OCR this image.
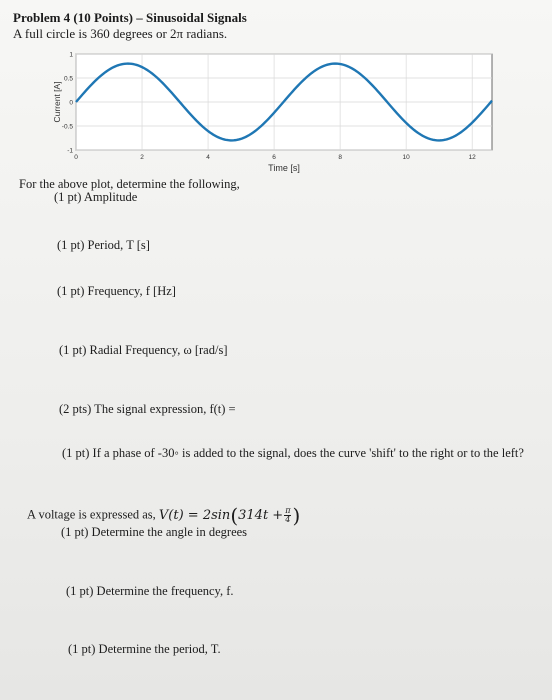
Problem 4 (10 Points) – Sinusoidal Signals
A full circle is 360 degrees or 2π radians.
0	2	4	6	8	10	12
1
0.5
0
-0.5
-1
Current [A]
Time [s]
For the above plot, determine the following,
(1 pt) Amplitude
(1 pt) Period, T [s]
(1 pt) Frequency, f [Hz]
(1 pt) Radial Frequency, ω [rad/s]
(2 pts) The signal expression, f(t) =
(1 pt) If a phase of -30◦ is added to the signal, does the curve 'shift' to the right or to the left?
A voltage is expressed as, $V(t) = 2\sin(314t + \frac{\pi}{4}$ )
(1 pt) Determine the angle in degrees
(1 pt) Determine the frequency, f.
(1 pt) Determine the period, T.
